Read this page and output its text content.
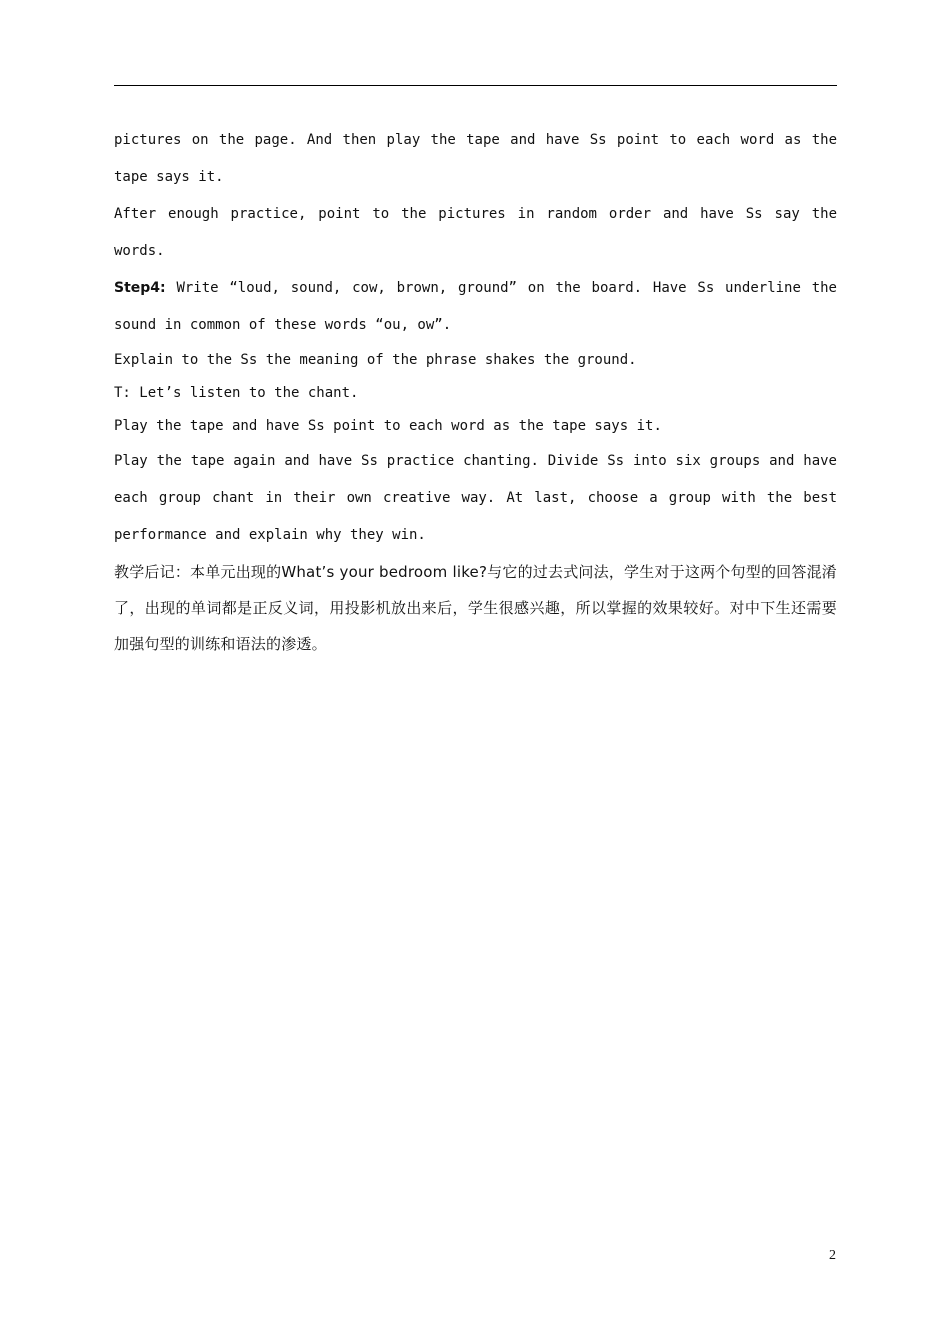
pictures on the page. And then play the tape and have Ss point to each word as the tape says it.

After enough practice, point to the pictures in random order and have Ss say the words.

Step4: Write “loud, sound, cow, brown, ground” on the board. Have Ss underline the sound in common of these words “ou, ow”.

Explain to the Ss the meaning of the phrase shakes the ground.

T: Let’s listen to the chant.

Play the tape and have Ss point to each word as the tape says it.

Play the tape again and have Ss practice chanting. Divide Ss into six groups and have each group chant in their own creative way. At last, choose a group with the best performance and explain why they win.

教学后记：本单元出现的What’s your bedroom like?与它的过去式问法，学生对于这两个句型的回答混淆了，出现的单词都是正反义词，用投影机放出来后，学生很感兴趣，所以掌握的效果较好。对中下生还需要加强句型的训练和语法的渗透。

2
